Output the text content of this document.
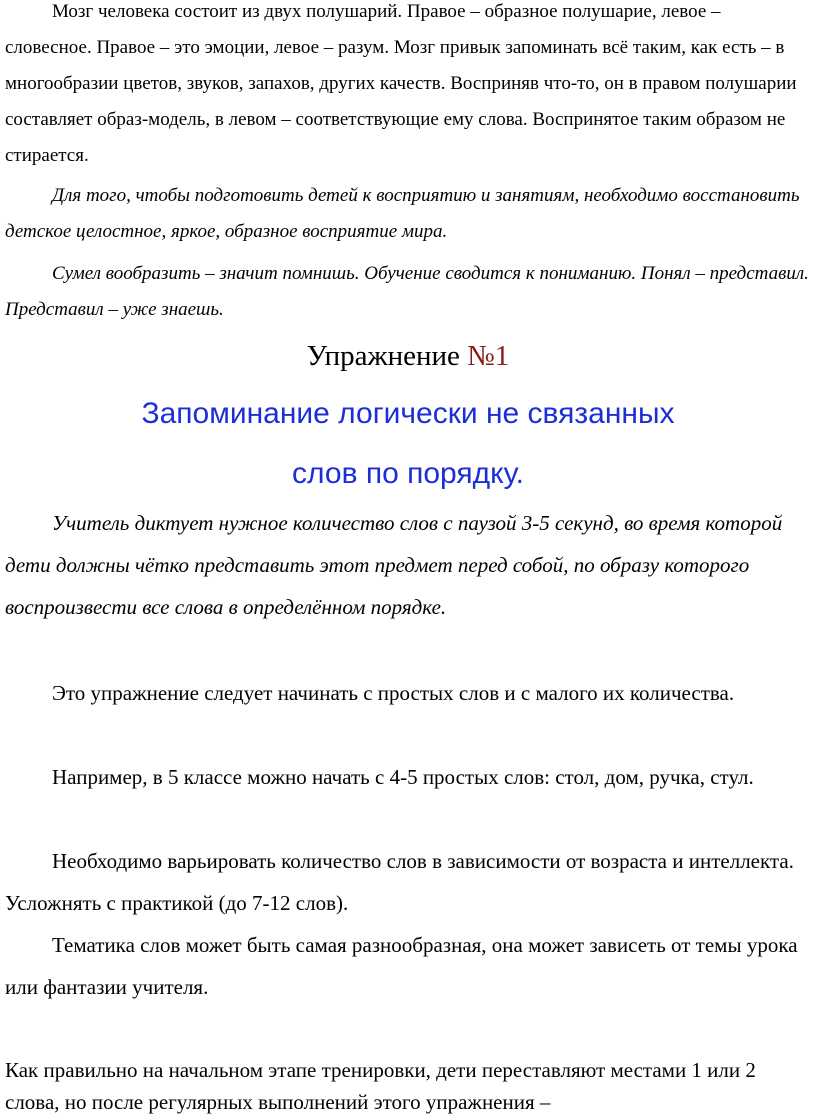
Мозг человека состоит из двух полушарий. Правое – образное полушарие, левое – словесное. Правое – это эмоции, левое – разум. Мозг привык запоминать всё таким, как есть – в многообразии цветов, звуков, запахов, других качеств. Восприняв что-то, он в правом полушарии составляет образ-модель, в левом – соответствующие ему слова. Воспринятое таким образом не стирается.

Для того, чтобы подготовить детей к восприятию и занятиям, необходимо восстановить детское целостное, яркое, образное восприятие мира.

Сумел вообразить – значит помнишь. Обучение сводится к пониманию. Понял – представил. Представил – уже знаешь.

Упражнение №1

Запоминание логически не связанных

слов по порядку.

Учитель диктует нужное количество слов с паузой 3-5 секунд, во время которой дети должны чётко представить этот предмет перед собой, по образу которого воспроизвести все слова в определённом порядке.

Это упражнение следует начинать с простых слов и с малого их количества.

Например, в 5 классе можно начать с 4-5 простых слов: стол, дом, ручка, стул.

Необходимо варьировать количество слов в зависимости от возраста и интеллекта. Усложнять с практикой (до 7-12 слов).

Тематика слов может быть самая разнообразная, она может зависеть от темы урока или фантазии учителя.

Как правильно на начальном этапе тренировки, дети переставляют местами 1 или 2 слова, но после регулярных выполнений этого упражнения –
